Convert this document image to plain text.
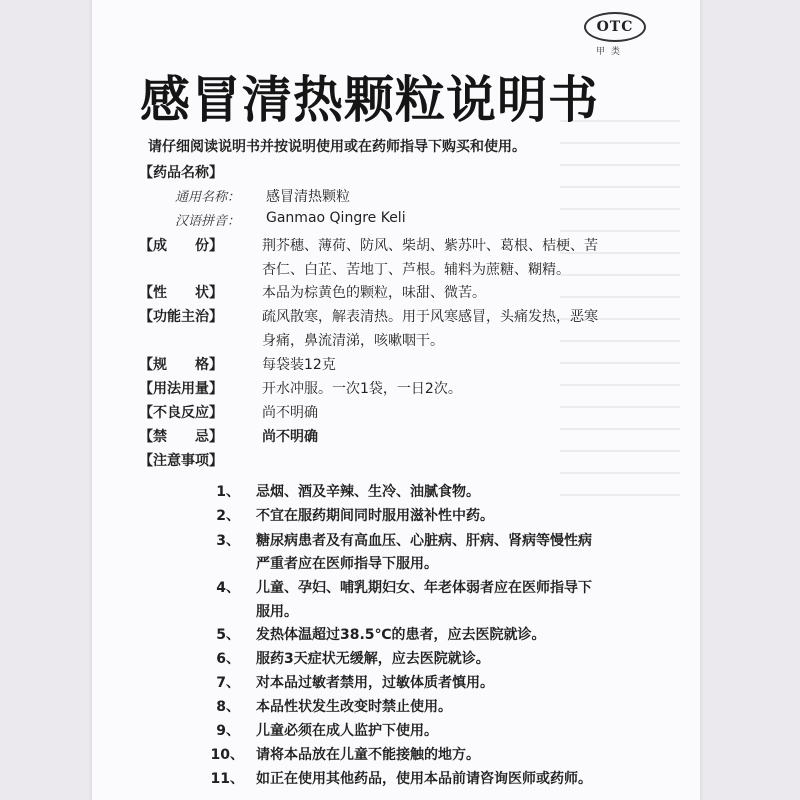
OTC
甲类
感冒清热颗粒说明书
请仔细阅读说明书并按说明使用或在药师指导下购买和使用。
【药品名称】
通用名称： 感冒清热颗粒
汉语拼音： Ganmao Qingre Keli
【成　　份】	荆芥穗、薄荷、防风、柴胡、紫苏叶、葛根、桔梗、苦
杏仁、白芷、苦地丁、芦根。辅料为蔗糖、糊精。
【性　　状】	本品为棕黄色的颗粒，味甜、微苦。
【功能主治】	疏风散寒，解表清热。用于风寒感冒，头痛发热，恶寒
身痛，鼻流清涕，咳嗽咽干。
【规　　格】	每袋装12克
【用法用量】	开水冲服。一次1袋，一日2次。
【不良反应】	尚不明确
【禁　　忌】	尚不明确
【注意事项】
1、 忌烟、酒及辛辣、生冷、油腻食物。
2、 不宜在服药期间同时服用滋补性中药。
3、 糖尿病患者及有高血压、心脏病、肝病、肾病等慢性病
严重者应在医师指导下服用。
4、 儿童、孕妇、哺乳期妇女、年老体弱者应在医师指导下
服用。
5、 发热体温超过38.5℃的患者，应去医院就诊。
6、 服药3天症状无缓解，应去医院就诊。
7、 对本品过敏者禁用，过敏体质者慎用。
8、 本品性状发生改变时禁止使用。
9、 儿童必须在成人监护下使用。
10、 请将本品放在儿童不能接触的地方。
11、 如正在使用其他药品，使用本品前请咨询医师或药师。
